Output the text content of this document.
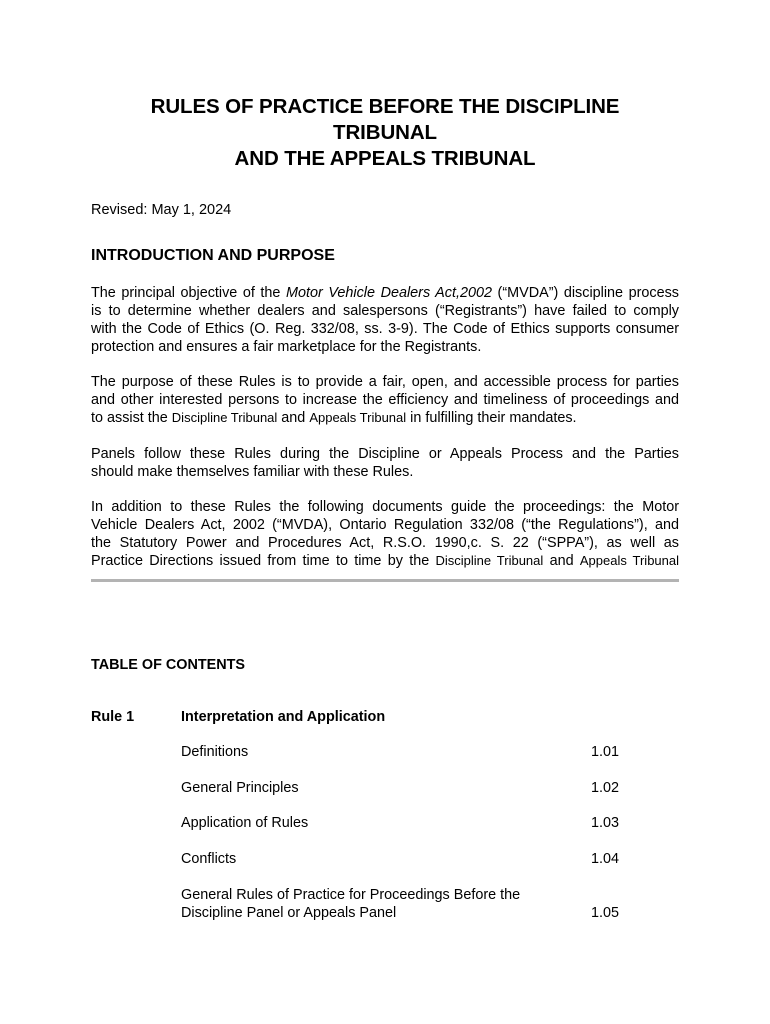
RULES OF PRACTICE BEFORE THE DISCIPLINE
TRIBUNAL
AND THE APPEALS TRIBUNAL
Revised: May 1, 2024
INTRODUCTION AND PURPOSE
The principal objective of the Motor Vehicle Dealers Act,2002 (“MVDA”) discipline process
is to determine whether dealers and salespersons (“Registrants”) have failed to comply
with the Code of Ethics (O. Reg. 332/08, ss. 3-9). The Code of Ethics supports consumer
protection and ensures a fair marketplace for the Registrants.
The purpose of these Rules is to provide a fair, open, and accessible process for parties
and other interested persons to increase the efficiency and timeliness of proceedings and
to assist the Discipline Tribunal and Appeals Tribunal in fulfilling their mandates.
Panels follow these Rules during the Discipline or Appeals Process and the Parties
should make themselves familiar with these Rules.
In addition to these Rules the following documents guide the proceedings: the Motor
Vehicle Dealers Act, 2002 (“MVDA), Ontario Regulation 332/08 (“the Regulations”), and
the Statutory Power and Procedures Act, R.S.O. 1990,c. S. 22 (“SPPA”), as well as
Practice Directions issued from time to time by the Discipline Tribunal and Appeals Tribunal
TABLE OF CONTENTS
Rule 1	Interpretation and Application
Definitions	1.01
General Principles	1.02
Application of Rules	1.03
Conflicts	1.04
General Rules of Practice for Proceedings Before the
Discipline Panel or Appeals Panel	1.05
